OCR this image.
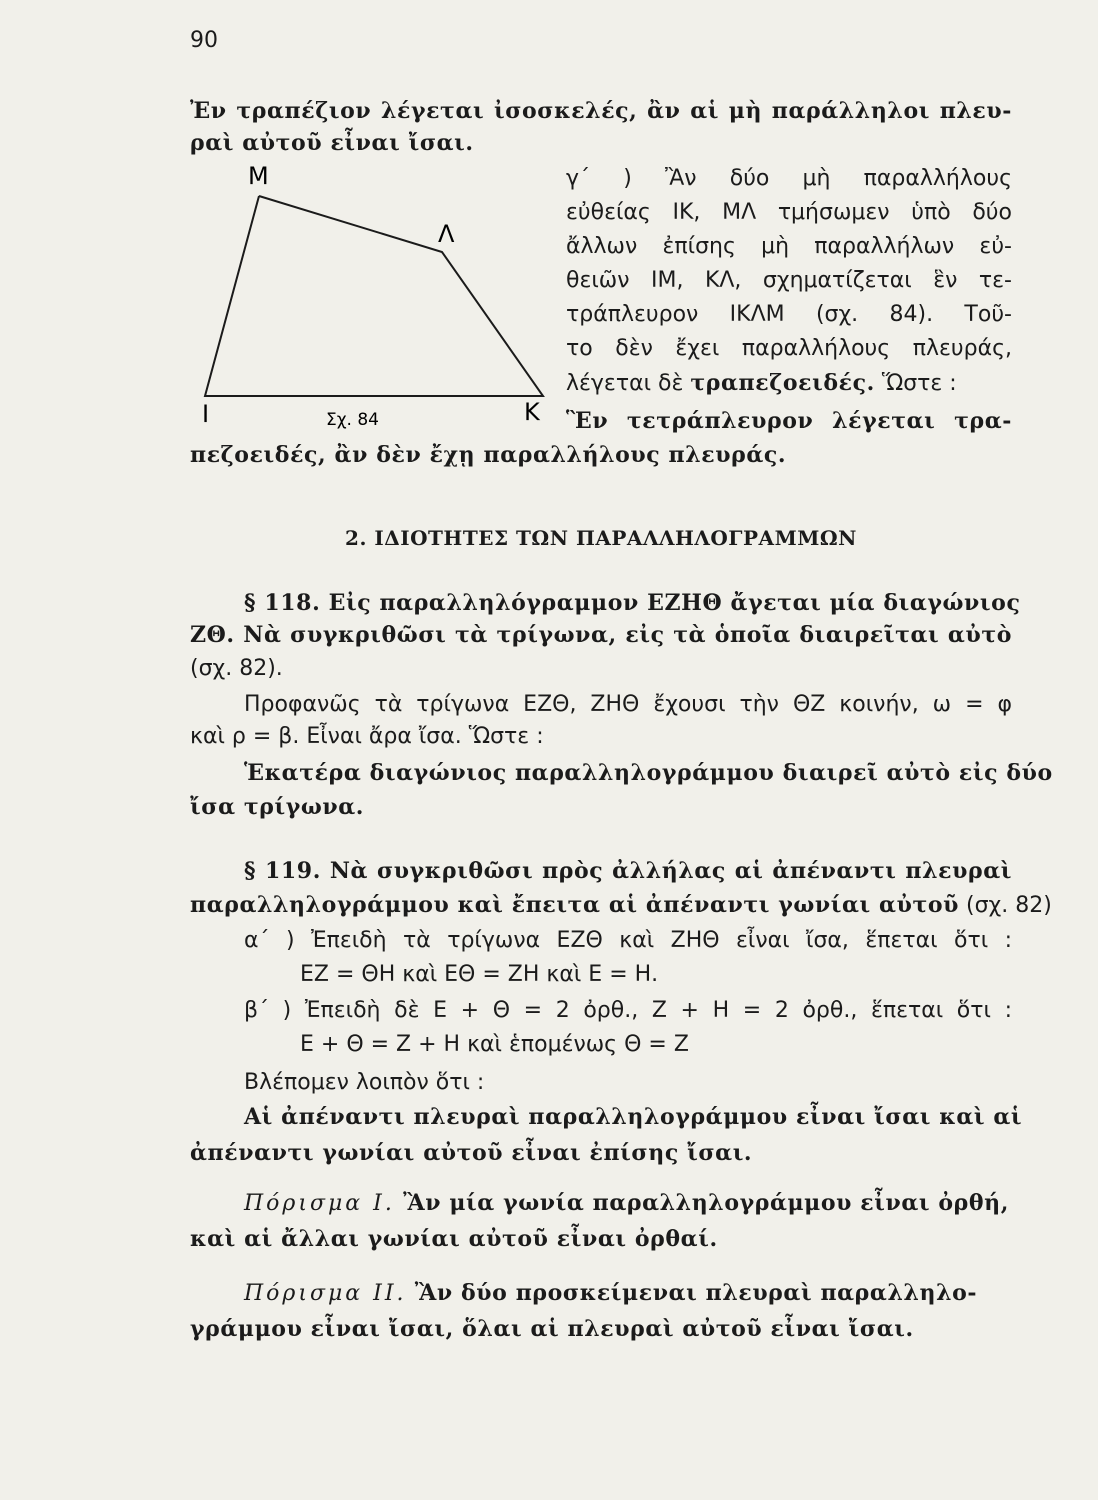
90
Ἐν τραπέζιον λέγεται ἰσοσκελές, ἂν αἱ μὴ παράλληλοι πλευ-
ραὶ αὐτοῦ εἶναι ἴσαι.
Μ
Λ
Ι	Κ
Σχ. 84
γ΄ ) Ἂν δύο μὴ παραλλήλους
εὐθείας ΙΚ, ΜΛ τμήσωμεν ὑπὸ δύο
ἄλλων ἐπίσης μὴ παραλλήλων εὐ-
θειῶν ΙΜ, ΚΛ, σχηματίζεται ἓν τε-
τράπλευρον ΙΚΛΜ (σχ. 84). Τοῦ-
το δὲν ἔχει παραλλήλους πλευράς,
λέγεται δὲ τραπεζοειδές. Ὥστε :
Ἓν τετράπλευρον λέγεται τρα-
πεζοειδές, ἂν δὲν ἔχῃ παραλλήλους πλευράς.
2. ΙΔΙΟΤΗΤΕΣ ΤΩΝ ΠΑΡΑΛΛΗΛΟΓΡΑΜΜΩΝ
§ 118. Εἰς παραλληλόγραμμον ΕΖΗΘ ἄγεται μία διαγώνιος
ΖΘ. Νὰ συγκριθῶσι τὰ τρίγωνα, εἰς τὰ ὁποῖα διαιρεῖται αὐτὸ
(σχ. 82).
Προφανῶς τὰ τρίγωνα ΕΖΘ, ΖΗΘ ἔχουσι τὴν ΘΖ κοινήν, ω = φ
καὶ ρ = β. Εἶναι ἄρα ἴσα. Ὥστε :
Ἑκατέρα διαγώνιος παραλληλογράμμου διαιρεῖ αὐτὸ εἰς δύο
ἴσα τρίγωνα.
§ 119. Νὰ συγκριθῶσι πρὸς ἀλλήλας αἱ ἀπέναντι πλευραὶ
παραλληλογράμμου καὶ ἔπειτα αἱ ἀπέναντι γωνίαι αὐτοῦ (σχ. 82)
α΄ ) Ἐπειδὴ τὰ τρίγωνα ΕΖΘ καὶ ΖΗΘ εἶναι ἴσα, ἕπεται ὅτι :
ΕΖ = ΘΗ καὶ ΕΘ = ΖΗ καὶ Ε = Η.
β΄ ) Ἐπειδὴ δὲ Ε + Θ = 2 ὀρθ., Ζ + Η = 2 ὀρθ., ἕπεται ὅτι :
Ε + Θ = Ζ + Η καὶ ἑπομένως Θ = Ζ
Βλέπομεν λοιπὸν ὅτι :
Αἱ ἀπέναντι πλευραὶ παραλληλογράμμου εἶναι ἴσαι καὶ αἱ
ἀπέναντι γωνίαι αὐτοῦ εἶναι ἐπίσης ἴσαι.
Πόρισμα Ι. Ἂν μία γωνία παραλληλογράμμου εἶναι ὀρθή,
καὶ αἱ ἄλλαι γωνίαι αὐτοῦ εἶναι ὀρθαί.
Πόρισμα ΙΙ. Ἂν δύο προσκείμεναι πλευραὶ παραλληλο-
γράμμου εἶναι ἴσαι, ὅλαι αἱ πλευραὶ αὐτοῦ εἶναι ἴσαι.
